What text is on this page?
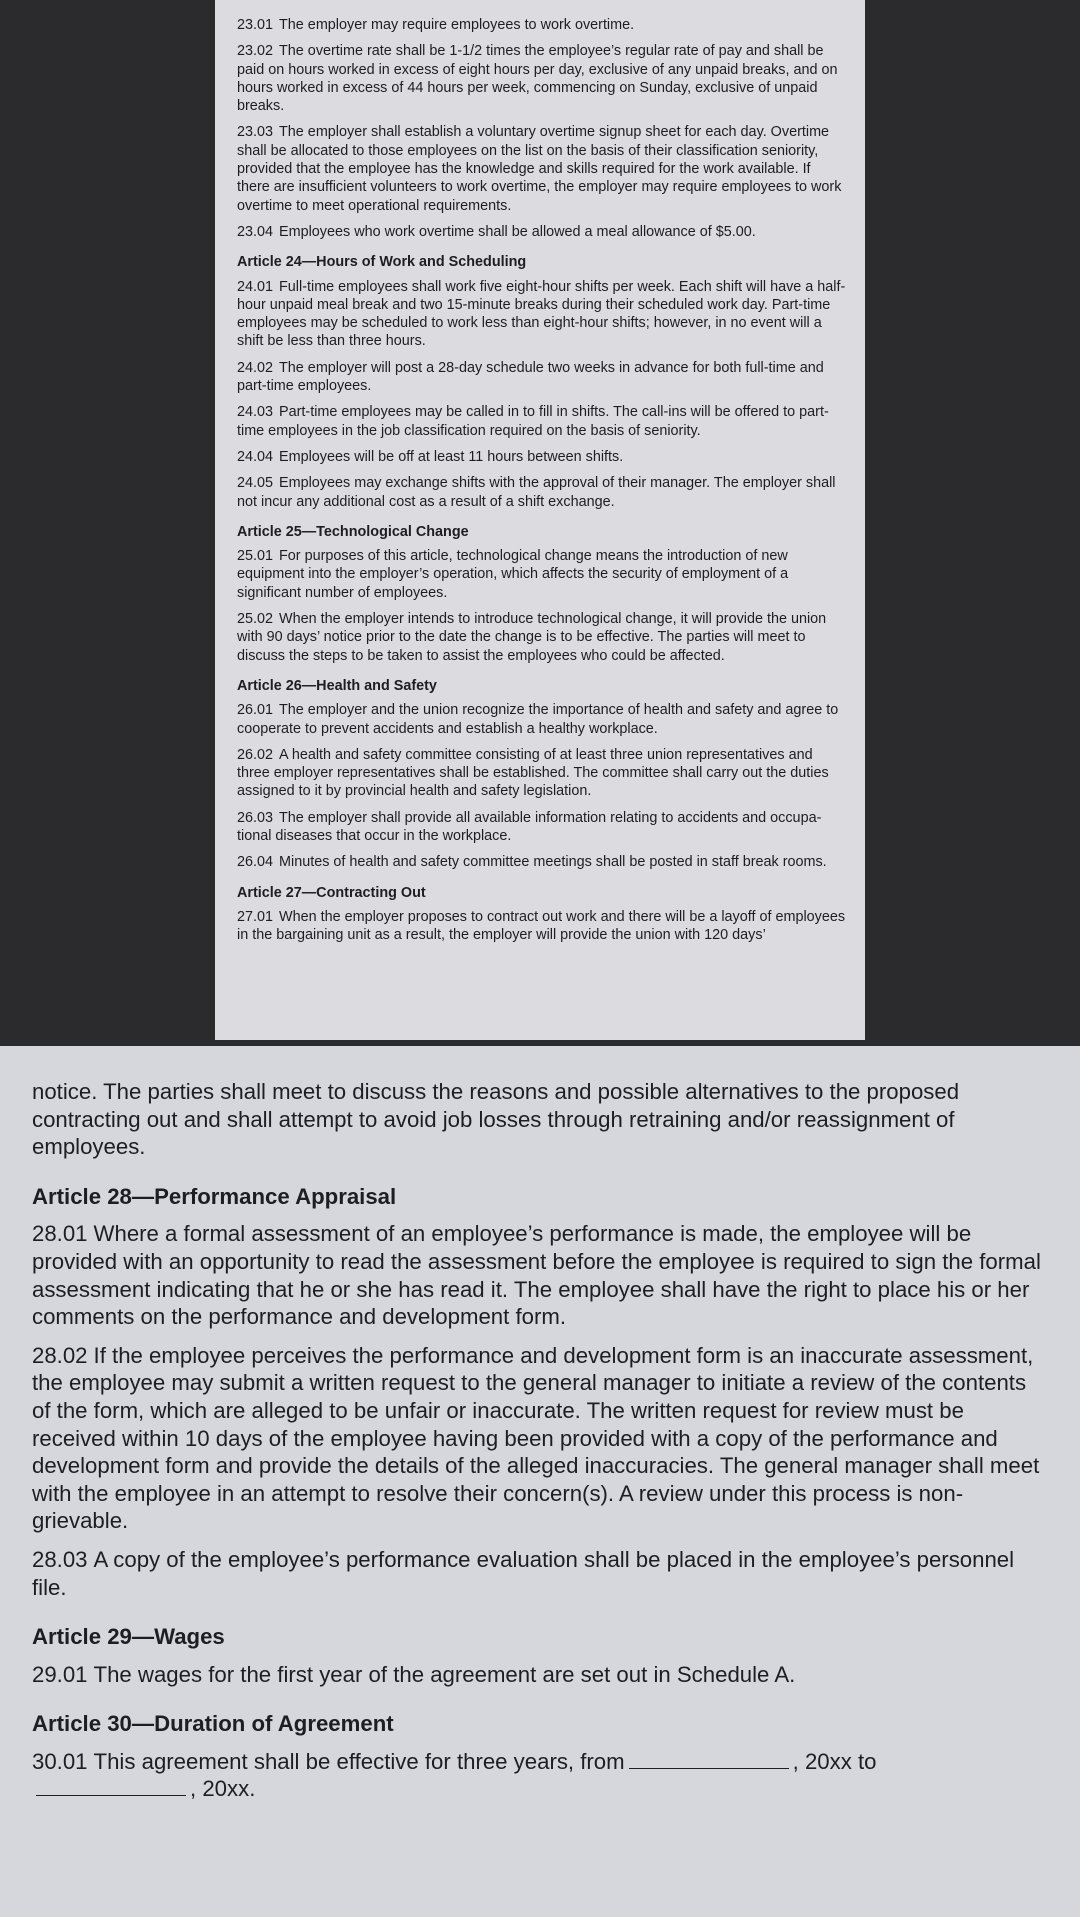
23.01 The employer may require employees to work overtime.

23.02 The overtime rate shall be 1-1/2 times the employee’s regular rate of pay and shall be paid on hours worked in excess of eight hours per day, exclusive of any unpaid breaks, and on hours worked in excess of 44 hours per week, commencing on Sunday, exclusive of unpaid breaks.

23.03 The employer shall establish a voluntary overtime signup sheet for each day. Overtime shall be allocated to those employees on the list on the basis of their classification seniority, provided that the employee has the knowledge and skills required for the work available. If there are insufficient volunteers to work overtime, the employer may require employees to work overtime to meet operational requirements.

23.04 Employees who work overtime shall be allowed a meal allowance of $5.00.

Article 24—Hours of Work and Scheduling

24.01 Full-time employees shall work five eight-hour shifts per week. Each shift will have a half-hour unpaid meal break and two 15-minute breaks during their scheduled work day. Part-time employees may be scheduled to work less than eight-hour shifts; however, in no event will a shift be less than three hours.

24.02 The employer will post a 28-day schedule two weeks in advance for both full-time and part-time employees.

24.03 Part-time employees may be called in to fill in shifts. The call-ins will be offered to part-time employees in the job classification required on the basis of seniority.

24.04 Employees will be off at least 11 hours between shifts.

24.05 Employees may exchange shifts with the approval of their manager. The employer shall not incur any additional cost as a result of a shift exchange.

Article 25—Technological Change

25.01 For purposes of this article, technological change means the introduction of new equipment into the employer’s operation, which affects the security of employment of a significant number of employees.

25.02 When the employer intends to introduce technological change, it will provide the union with 90 days’ notice prior to the date the change is to be effective. The parties will meet to discuss the steps to be taken to assist the employees who could be affected.

Article 26—Health and Safety

26.01 The employer and the union recognize the importance of health and safety and agree to cooperate to prevent accidents and establish a healthy workplace.

26.02 A health and safety committee consisting of at least three union representatives and three employer representatives shall be established. The committee shall carry out the duties assigned to it by provincial health and safety legislation.

26.03 The employer shall provide all available information relating to accidents and occupa-tional diseases that occur in the workplace.

26.04 Minutes of health and safety committee meetings shall be posted in staff break rooms.

Article 27—Contracting Out

27.01 When the employer proposes to contract out work and there will be a layoff of employees in the bargaining unit as a result, the employer will provide the union with 120 days’

notice. The parties shall meet to discuss the reasons and possible alternatives to the proposed contracting out and shall attempt to avoid job losses through retraining and/or reassignment of employees.

Article 28—Performance Appraisal

28.01 Where a formal assessment of an employee’s performance is made, the employee will be provided with an opportunity to read the assessment before the employee is required to sign the formal assessment indicating that he or she has read it. The employee shall have the right to place his or her comments on the performance and development form.

28.02 If the employee perceives the performance and development form is an inaccurate assessment, the employee may submit a written request to the general manager to initiate a review of the contents of the form, which are alleged to be unfair or inaccurate. The written request for review must be received within 10 days of the employee having been provided with a copy of the performance and development form and provide the details of the alleged inaccuracies. The general manager shall meet with the employee in an attempt to resolve their concern(s). A review under this process is non-grievable.

28.03 A copy of the employee’s performance evaluation shall be placed in the employee’s personnel file.

Article 29—Wages

29.01 The wages for the first year of the agreement are set out in Schedule A.

Article 30—Duration of Agreement

30.01 This agreement shall be effective for three years, from	, 20xx to
, 20xx.
